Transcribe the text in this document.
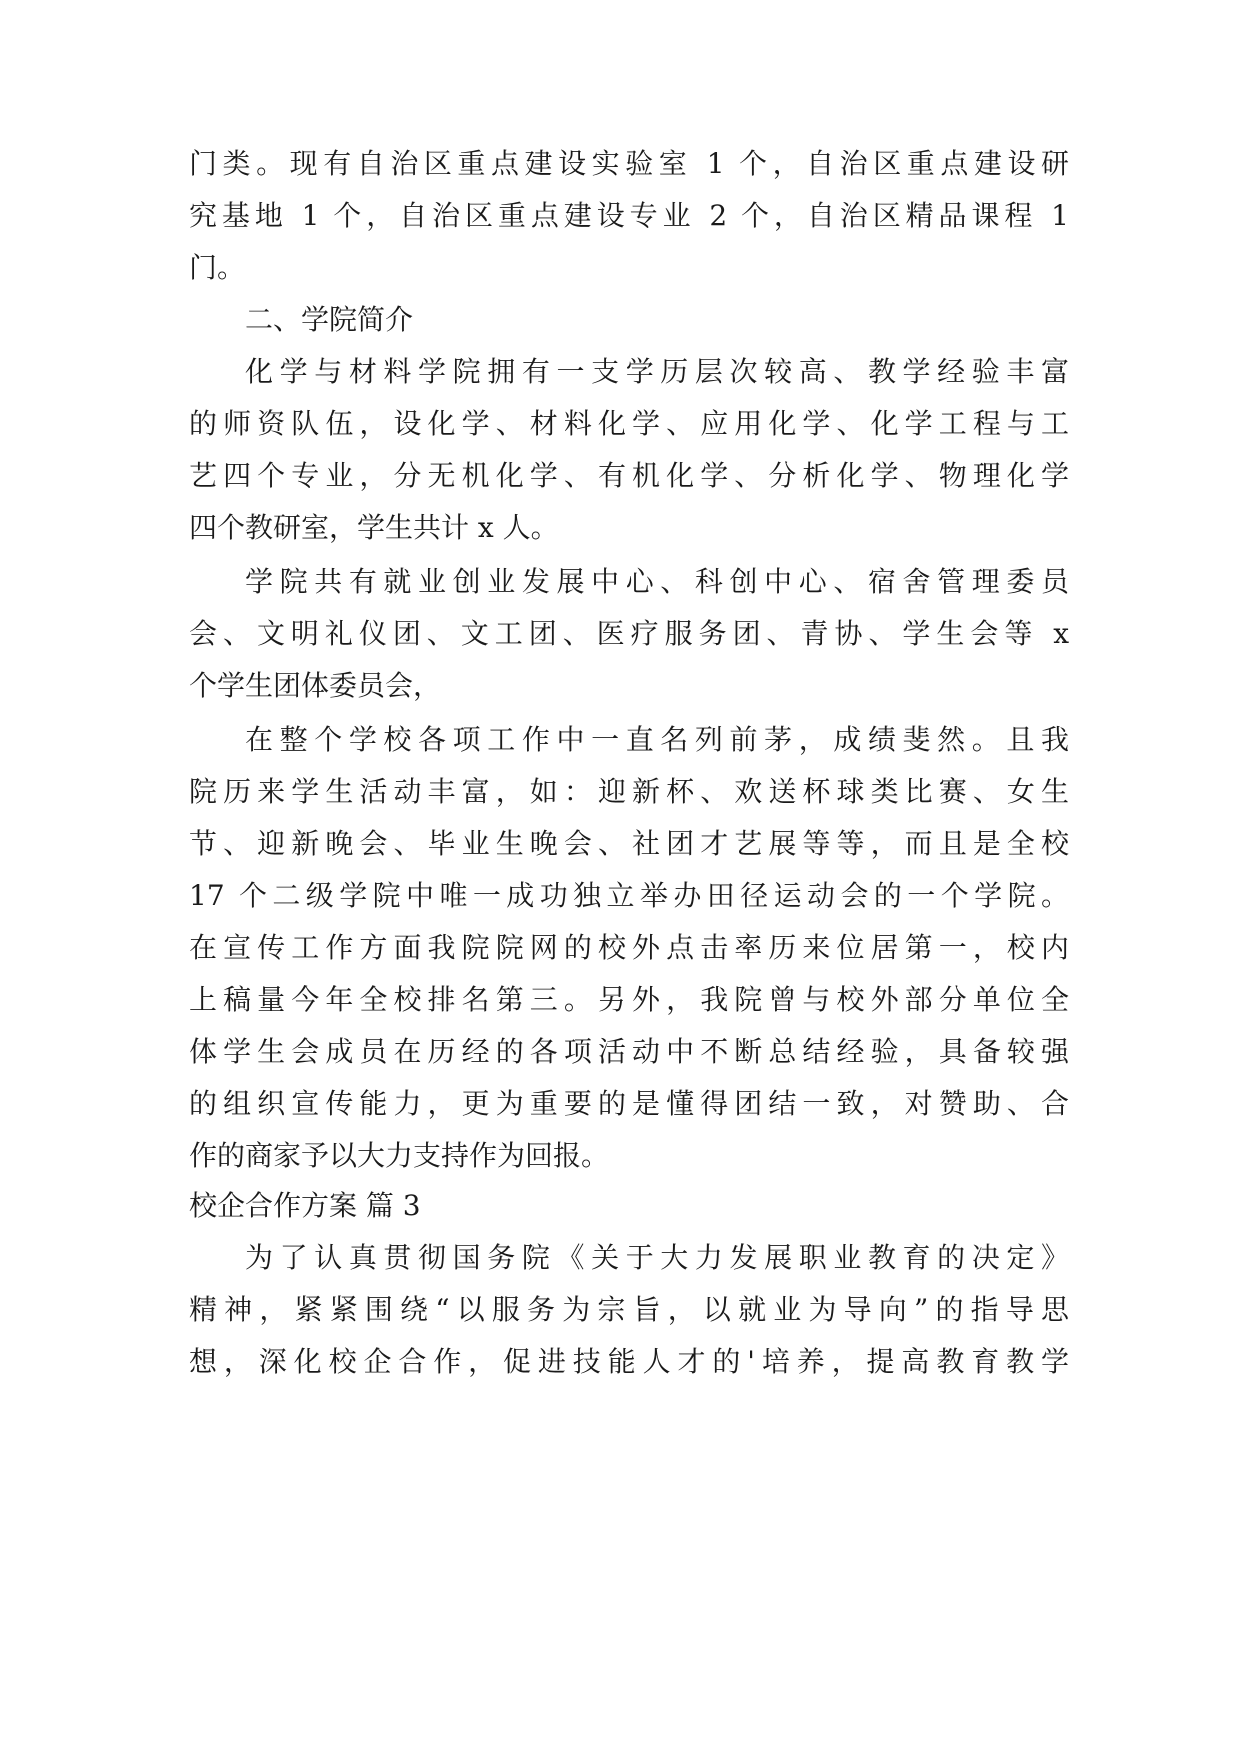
门类。现有自治区重点建设实验室 1 个，自治区重点建设研
究基地 1 个，自治区重点建设专业 2 个，自治区精品课程 1
门。
二、学院简介
化学与材料学院拥有一支学历层次较高、教学经验丰富
的师资队伍，设化学、材料化学、应用化学、化学工程与工
艺四个专业，分无机化学、有机化学、分析化学、物理化学
四个教研室，学生共计 x 人。
学院共有就业创业发展中心、科创中心、宿舍管理委员
会、文明礼仪团、文工团、医疗服务团、青协、学生会等 x
个学生团体委员会，
在整个学校各项工作中一直名列前茅，成绩斐然。且我
院历来学生活动丰富，如：迎新杯、欢送杯球类比赛、女生
节、迎新晚会、毕业生晚会、社团才艺展等等，而且是全校
17 个二级学院中唯一成功独立举办田径运动会的一个学院。
在宣传工作方面我院院网的校外点击率历来位居第一，校内
上稿量今年全校排名第三。另外，我院曾与校外部分单位全
体学生会成员在历经的各项活动中不断总结经验，具备较强
的组织宣传能力，更为重要的是懂得团结一致，对赞助、合
作的商家予以大力支持作为回报。
校企合作方案 篇 3
为了认真贯彻国务院《关于大力发展职业教育的决定》
精神，紧紧围绕“以服务为宗旨，以就业为导向”的指导思
想，深化校企合作，促进技能人才的'培养，提高教育教学
